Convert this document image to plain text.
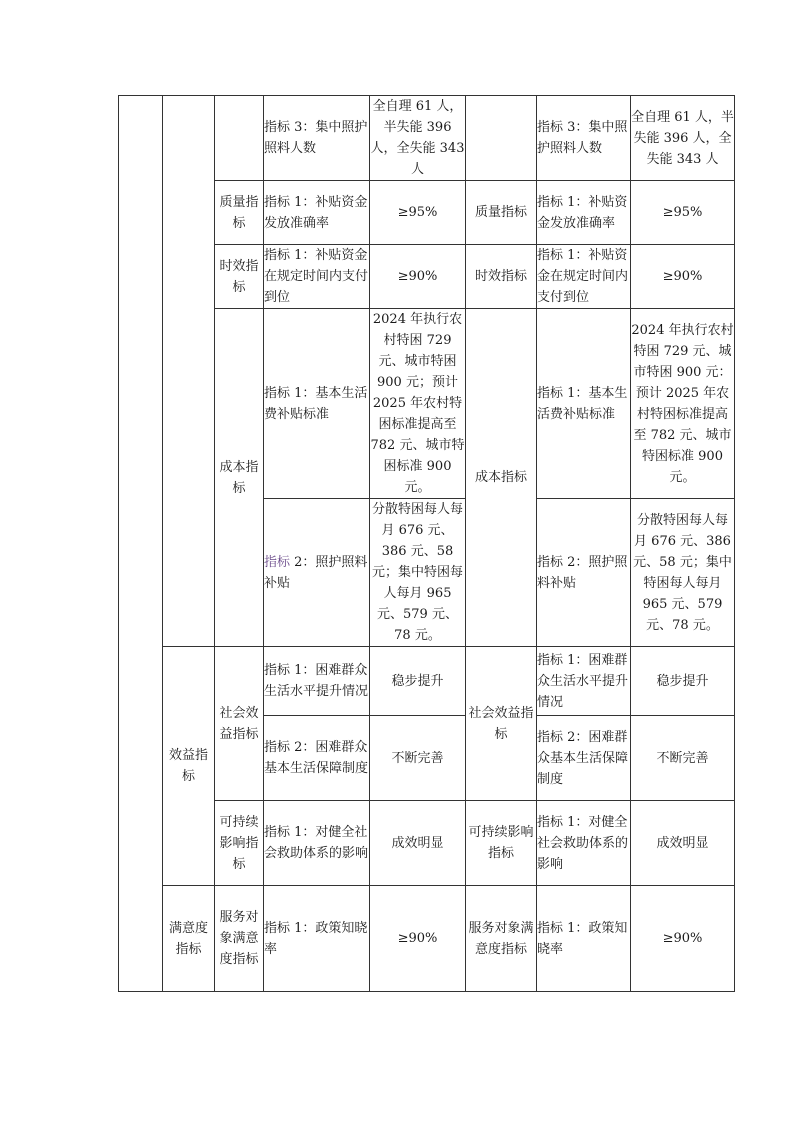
			指标 3：集中照护照料人数	全自理 61 人，半失能 396 人，全失能 343 人		指标 3：集中照护照料人数	全自理 61 人，半失能 396 人，全失能 343 人
		质量指标	指标 1：补贴资金发放准确率	≥95%	质量指标	指标 1：补贴资金发放准确率	≥95%
		时效指标	指标 1：补贴资金在规定时间内支付到位	≥90%	时效指标	指标 1：补贴资金在规定时间内支付到位	≥90%
		成本指标	指标 1：基本生活费补贴标准	2024 年执行农村特困 729 元、城市特困 900 元；预计 2025 年农村特困标准提高至 782 元、城市特困标准 900 元。	成本指标	指标 1：基本生活费补贴标准	2024 年执行农村特困 729 元、城市特困 900 元：预计 2025 年农村特困标准提高至 782 元、城市特困标准 900 元。
			指标 2：照护照料补贴	分散特困每人每月 676 元、386 元、58 元；集中特困每人每月 965 元、579 元、78 元。		指标 2：照护照料补贴	分散特困每人每月 676 元、386 元、58 元；集中特困每人每月 965 元、579 元、78 元。
	效益指标	社会效益指标	指标 1：困难群众生活水平提升情况	稳步提升	社会效益指标	指标 1：困难群众生活水平提升情况	稳步提升
			指标 2：困难群众基本生活保障制度	不断完善		指标 2：困难群众基本生活保障制度	不断完善
		可持续影响指标	指标 1：对健全社会救助体系的影响	成效明显	可持续影响指标	指标 1：对健全社会救助体系的影响	成效明显
	满意度指标	服务对象满意度指标	指标 1：政策知晓率	≥90%	服务对象满意度指标	指标 1：政策知晓率	≥90%
